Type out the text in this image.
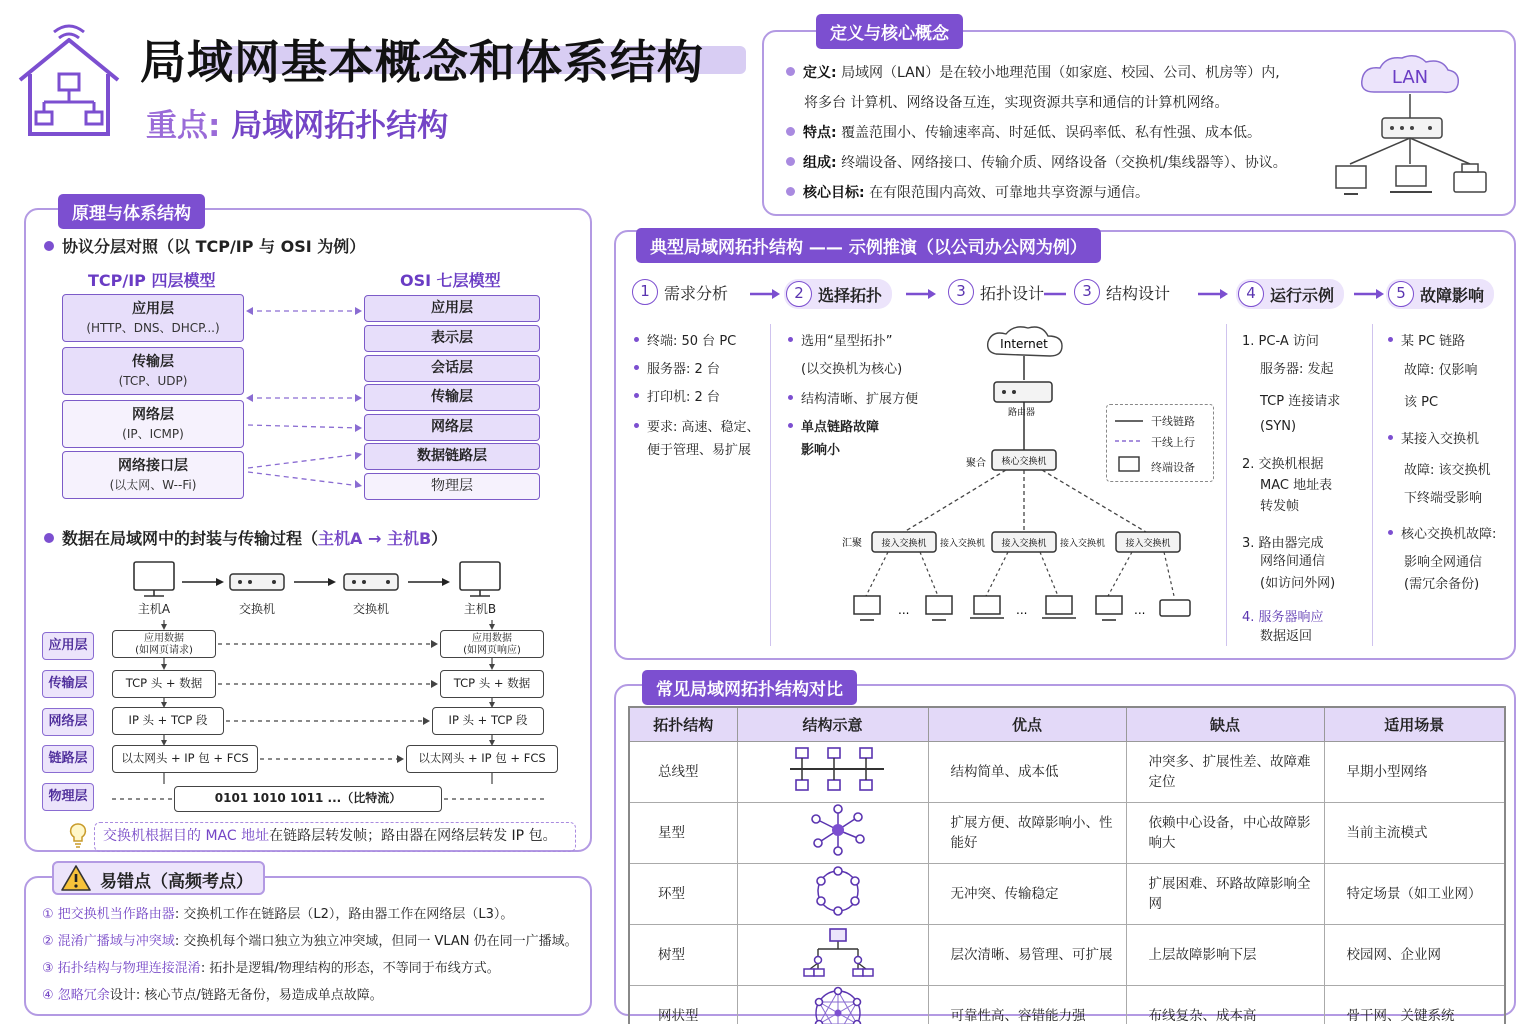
局域网基本概念和体系结构
重点: 局域网拓扑结构
定义与核心概念
定义: 局域网（LAN）是在较小地理范围（如家庭、校园、公司、机房等）内,
将多台 计算机、网络设备互连，实现资源共享和通信的计算机网络。
特点: 覆盖范围小、传输速率高、时延低、误码率低、私有性强、成本低。
组成: 终端设备、网络接口、传输介质、网络设备（交换机/集线器等）、协议。
核心目标: 在有限范围内高效、可靠地共享资源与通信。
LAN
原理与体系结构
协议分层对照（以 TCP/IP 与 OSI 为例）
TCP/IP 四层模型	OSI 七层模型
应用层
(HTTP、DNS、DHCP...)
传输层
(TCP、UDP)
网络层
(IP、ICMP)
网络接口层
(以太网、W--Fi)
应用层
表示层
会话层
传输层
网络层
数据链路层
物理层
数据在局域网中的封装与传输过程（主机A → 主机B）
主机A	交换机	交换机	主机B
应用层
传输层
网络层
链路层
物理层
应用数据
(如网页请求)
TCP 头 + 数据
IP 头 + TCP 段
以太网头 + IP 包 + FCS
应用数据
(如网页响应)
TCP 头 + 数据
IP 头 + TCP 段
以太网头 + IP 包 + FCS
0101 1010 1011 ...（比特流）
交换机根据目的 MAC 地址在链路层转发帧；路由器在网络层转发 IP 包。
易错点（高频考点）
① 把交换机当作路由器: 交换机工作在链路层（L2），路由器工作在网络层（L3）。
② 混淆广播域与冲突域: 交换机每个端口独立为独立冲突域，但同一 VLAN 仍在同一广播域。
③ 拓扑结构与物理连接混淆: 拓扑是逻辑/物理结构的形态，不等同于布线方式。
④ 忽略冗余设计: 核心节点/链路无备份，易造成单点故障。
典型局域网拓扑结构 —— 示例推演（以公司办公网为例）
1 需求分析	2 选择拓扑	3 拓扑设计	3 结构设计	4 运行示例	5 故障影响
终端: 50 台 PC
服务器: 2 台
打印机: 2 台
要求: 高速、稳定、
便于管理、易扩展
选用“星型拓扑”
(以交换机为核心)
结构清晰、扩展方便
单点链路故障
影响小
Internet
路由器
核心交换机
聚合
接入交换机	接入交换机	接入交换机
汇聚	接入交换机	接入交换机
...	...	...
干线链路
干线上行
终端设备
1. PC-A 访问
服务器: 发起
TCP 连接请求
(SYN)
2. 交换机根据
MAC 地址表
转发帧
3. 路由器完成
网络间通信
(如访问外网)
4. 服务器响应
数据返回
某 PC 链路
故障: 仅影响
该 PC
某接入交换机
故障: 该交换机
下终端受影响
核心交换机故障:
影响全网通信
(需冗余备份)
常见局域网拓扑结构对比
拓扑结构	结构示意	优点	缺点	适用场景
总线型		结构简单、成本低	冲突多、扩展性差、故障难定位	早期小型网络
星型		扩展方便、故障影响小、性能好	依赖中心设备，中心故障影响大	当前主流模式
环型		无冲突、传输稳定	扩展困难、环路故障影响全网	特定场景（如工业网）
树型		层次清晰、易管理、可扩展	上层故障影响下层	校园网、企业网
网状型		可靠性高、容错能力强	布线复杂、成本高	骨干网、关键系统
